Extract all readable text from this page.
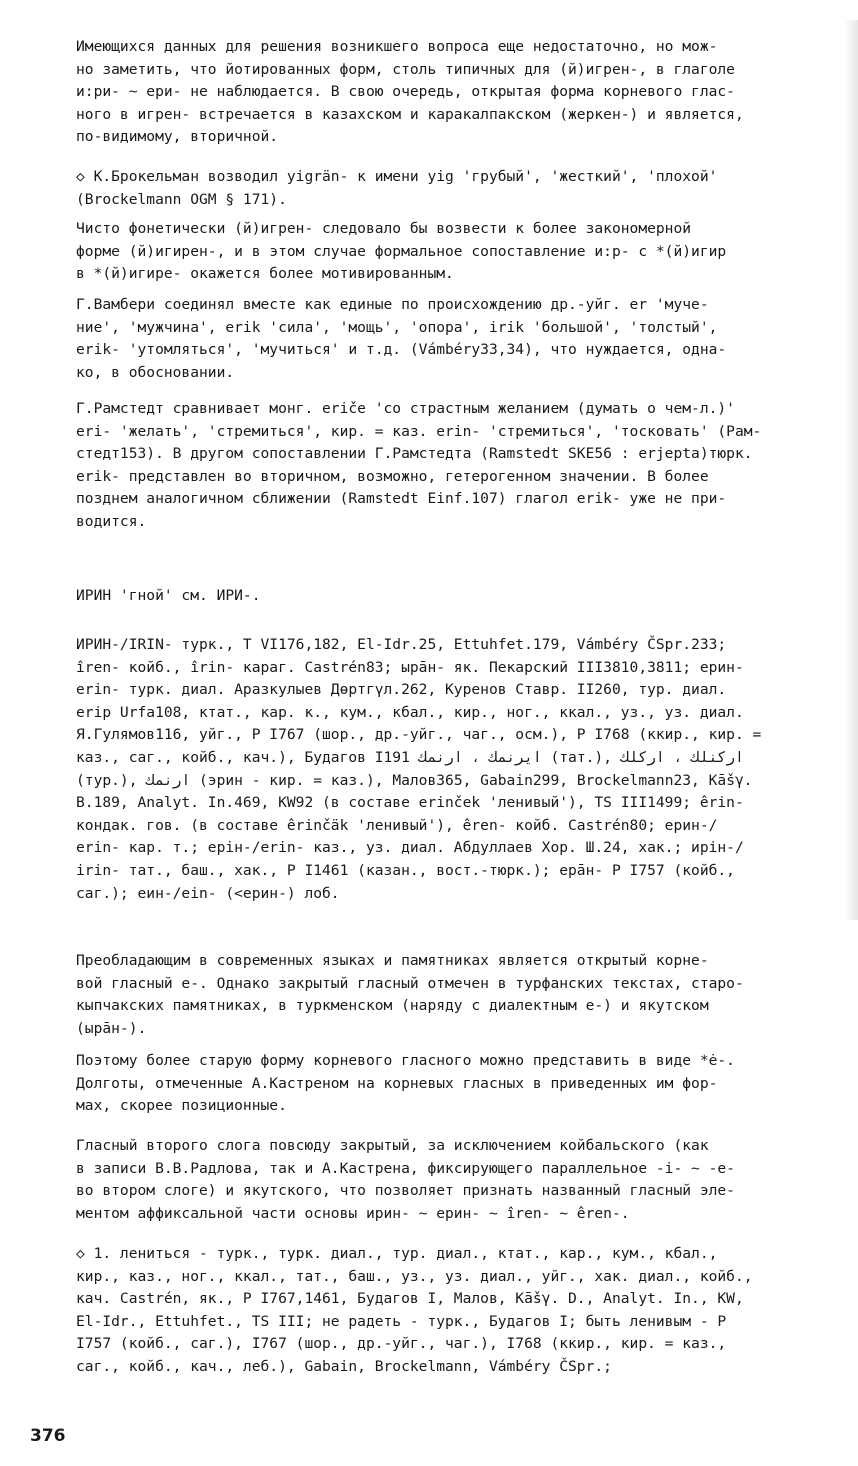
Имеющихся данных для решения возникшего вопроса еще недостаточно, но мож-
но заметить, что йотированных форм, столь типичных для (й)игрен-, в глаголе
и:ри- ~ ери- не наблюдается. В свою очередь, открытая форма корневого глас-
ного в игрен- встречается в казахском и каракалпакском (жеркен-) и является,
по-видимому, вторичной.
◇ К.Брокельман возводил yigrän- к имени yig 'грубый', 'жесткий', 'плохой'
(Brockelmann OGM § 171).
Чисто фонетически (й)игрен- следовало бы возвести к более закономерной
форме (й)игирен-, и в этом случае формальное сопоставление и:р- с *(й)игир
в *(й)игире- окажется более мотивированным.
Г.Вамбери соединял вместе как единые по происхождению др.-уйг. er 'муче-
ние', 'мужчина', erik 'сила', 'мощь', 'опора', irik 'большой', 'толстый',
erik- 'утомляться', 'мучиться' и т.д. (Vámbéry33,34), что нуждается, одна-
ко, в обосновании.
Г.Рамстедт сравнивает монг. eriče 'со страстным желанием (думать о чем-л.)'
eri- 'желать', 'стремиться', кир. = каз. erin- 'стремиться', 'тосковать' (Рам-
стедт153). В другом сопоставлении Г.Рамстедта (Ramstedt SKE56 : erjepta)тюрк.
erik- представлен во вторичном, возможно, гетерогенном значении. В более
позднем аналогичном сближении (Ramstedt Einf.107) глагол erik- уже не при-
водится.
ИРИН 'гной' см. ИРИ-.
ИРИН-/IRIN- турк., Т VI176,182, El-Idr.25, Ettuhfet.179, Vámbéry ČSpr.233;
îren- койб., îrin- караг. Castrén83; ырāн- як. Пекарский III3810,3811; ерин-
erin- турк. диал. Аразкулыев Дөртгүл.262, Куренов Ставр. II260, тур. диал.
erip Urfa108, ктат., кар. к., кум., кбал., кир., ног., ккал., уз., уз. диал.
Я.Гулямов116, уйг., Р I767 (шор., др.-уйг., чаг., осм.), Р I768 (ккир., кир. =
каз., саг., койб., кач.), Будагов I191 ایرنمك ، ارنمك (тат.), اركنلك ، اركلك
(тур.), ارنمك (эрин - кир. = каз.), Малов365, Gabain299, Brockelmann23, Kāšγ.
B.189, Analyt. In.469, KW92 (в составе erinček 'ленивый'), TS III1499; êrin-
кондак. гов. (в составе êrinčäk 'ленивый'), êren- койб. Castrén80; ерин-/
erin- кар. т.; ерін-/erin- каз., уз. диал. Абдуллаев Хор. Ш.24, хак.; ирін-/
irin- тат., баш., хак., Р I1461 (казан., вост.-тюрк.); ерāн- Р I757 (койб.,
саг.); еин-/ein- (<ерин-) лоб.
Преобладающим в современных языках и памятниках является открытый корне-
вой гласный е-. Однако закрытый гласный отмечен в турфанских текстах, старо-
кыпчакских памятниках, в туркменском (наряду с диалектным е-) и якутском
(ырāн-).
Поэтому более старую форму корневого гласного можно представить в виде *ė-.
Долготы, отмеченные А.Кастреном на корневых гласных в приведенных им фор-
мах, скорее позиционные.
Гласный второго слога повсюду закрытый, за исключением койбальского (как
в записи В.В.Радлова, так и А.Кастрена, фиксирующего параллельное -i- ~ -e-
во втором слоге) и якутского, что позволяет признать названный гласный эле-
ментом аффиксальной части основы ирин- ~ ерин- ~ îren- ~ êren-.
◇ 1. лениться - турк., турк. диал., тур. диал., ктат., кар., кум., кбал.,
кир., каз., ног., ккал., тат., баш., уз., уз. диал., уйг., хак. диал., койб.,
кач. Castrén, як., Р I767,1461, Будагов I, Малов, Kāšγ. D., Analyt. In., KW,
El-Idr., Ettuhfet., TS III; не радеть - турк., Будагов I; быть ленивым - Р
I757 (койб., саг.), I767 (шор., др.-уйг., чаг.), I768 (ккир., кир. = каз.,
саг., койб., кач., леб.), Gabain, Brockelmann, Vámbéry ČSpr.;
376
